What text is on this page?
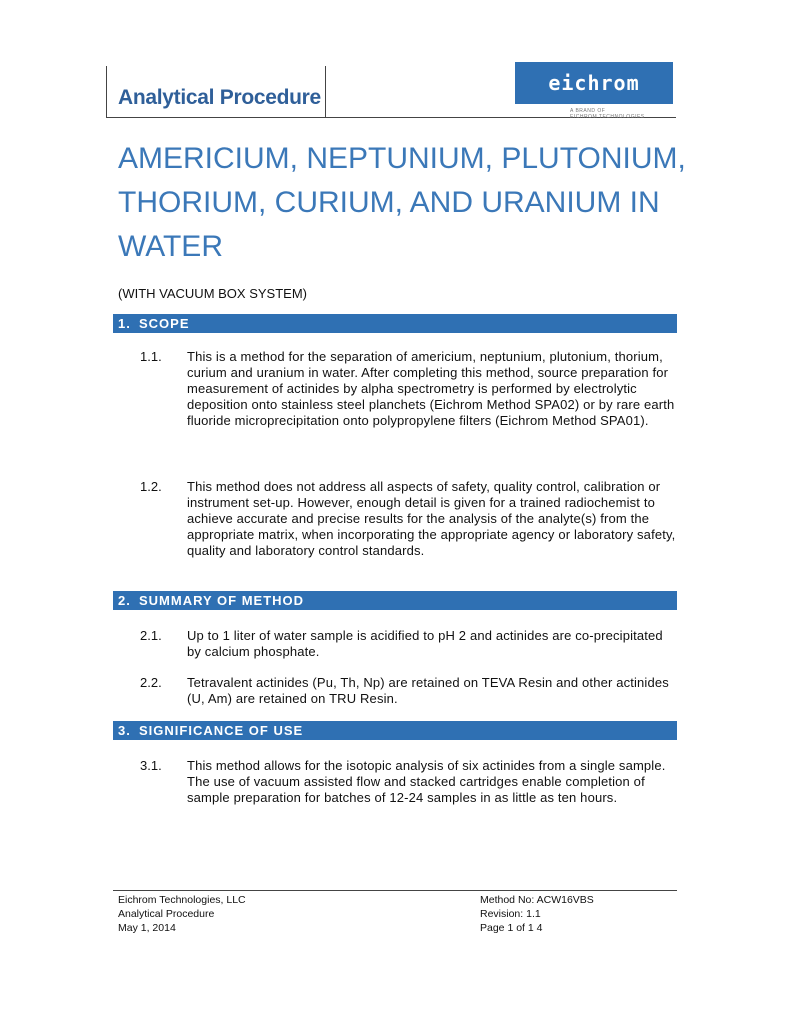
Analytical Procedure
eichrom
A BRAND OF
EICHROM TECHNOLOGIES
AMERICIUM, NEPTUNIUM, PLUTONIUM, THORIUM, CURIUM, AND URANIUM IN WATER
(WITH VACUUM BOX SYSTEM)
1. SCOPE
1.1. This is a method for the separation of americium, neptunium, plutonium, thorium, curium and uranium in water. After completing this method, source preparation for measurement of actinides by alpha spectrometry is performed by electrolytic deposition onto stainless steel planchets (Eichrom Method SPA02) or by rare earth fluoride microprecipitation onto polypropylene filters (Eichrom Method SPA01).
1.2. This method does not address all aspects of safety, quality control, calibration or instrument set-up. However, enough detail is given for a trained radiochemist to achieve accurate and precise results for the analysis of the analyte(s) from the appropriate matrix, when incorporating the appropriate agency or laboratory safety, quality and laboratory control standards.
2. SUMMARY OF METHOD
2.1. Up to 1 liter of water sample is acidified to pH 2 and actinides are co-precipitated by calcium phosphate.
2.2. Tetravalent actinides (Pu, Th, Np) are retained on TEVA Resin and other actinides (U, Am) are retained on TRU Resin.
3. SIGNIFICANCE OF USE
3.1. This method allows for the isotopic analysis of six actinides from a single sample. The use of vacuum assisted flow and stacked cartridges enable completion of sample preparation for batches of 12-24 samples in as little as ten hours.
Eichrom Technologies, LLC
Analytical Procedure
May 1, 2014
Method No: ACW16VBS
Revision: 1.1
Page 1 of 1 4
